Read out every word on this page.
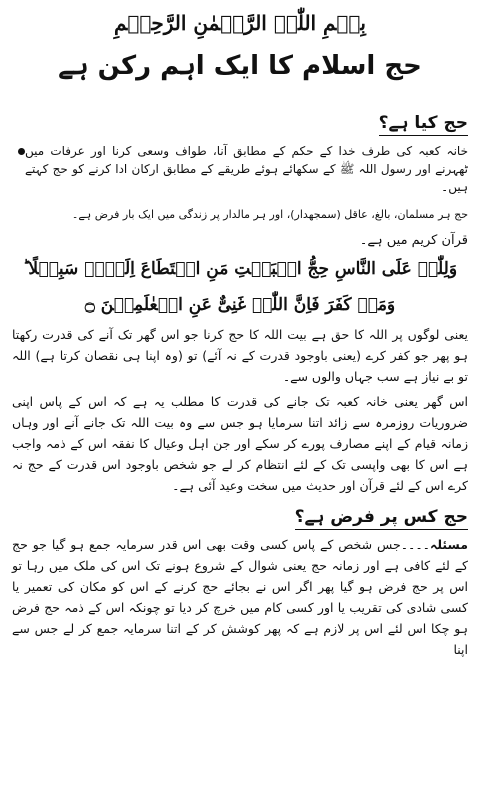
بِسۡمِ اللّٰہِ الرَّحۡمٰنِ الرَّحِیۡمِ
حج اسلام کا ایک اہم رکن ہے
حج کیا ہے؟
خانہ کعبہ کی طرف خدا کے حکم کے مطابق آنا، طواف وسعی کرنا اور عرفات میں ٹھہرنے اور رسول اللہ ﷺ کے سکھائے ہوئے طریقے کے مطابق ارکان ادا کرنے کو حج کہتے ہیں۔
حج ہر مسلمان، بالغ، عاقل (سمجھدار)، اور ہر مالدار پر زندگی میں ایک بار فرض ہے۔
قرآن کریم میں ہے۔
وَلِلّٰہِ عَلَی النَّاسِ حِجُّ الۡبَیۡتِ مَنِ اسۡتَطَاعَ اِلَیۡہِ سَبِیۡلًا ؕ
وَمَنۡ کَفَرَ فَاِنَّ اللّٰہَ غَنِیٌّ عَنِ الۡعٰلَمِیۡنَ ۝
یعنی لوگوں پر اللہ کا حق ہے بیت اللہ کا حج کرنا جو اس گھر تک آنے کی قدرت رکھتا ہو پھر جو کفر کرے (یعنی باوجود قدرت کے نہ آئے) تو (وہ اپنا ہی نقصان کرتا ہے) اللہ تو بے نیاز ہے سب جہاں والوں سے۔
اس گھر یعنی خانہ کعبہ تک جانے کی قدرت کا مطلب یہ ہے کہ اس کے پاس اپنی ضروریات روزمرہ سے زائد اتنا سرمایا ہو جس سے وہ بیت اللہ تک جانے آنے اور وہاں زمانہ قیام کے اپنے مصارف پورے کر سکے اور جن اہل وعیال کا نفقہ اس کے ذمہ واجب ہے اس کا بھی واپسی تک کے لئے انتظام کر لے جو شخص باوجود اس قدرت کے حج نہ کرے اس کے لئے قرآن اور حدیث میں سخت وعید آئی ہے۔
حج کس پر فرض ہے؟
مسئلہ۔۔۔۔جس شخص کے پاس کسی وقت بھی اس قدر سرمایہ جمع ہو گیا جو حج کے لئے کافی ہے اور زمانہ حج یعنی شوال کے شروع ہونے تک اس کی ملک میں رہا تو اس پر حج فرض ہو گیا پھر اگر اس نے بجائے حج کرنے کے اس کو مکان کی تعمیر یا کسی شادی کی تقریب یا اور کسی کام میں خرچ کر دیا تو چونکہ اس کے ذمہ حج فرض ہو چکا اس لئے اس پر لازم ہے کہ پھر کوشش کر کے اتنا سرمایہ جمع کر لے جس سے اپنا
